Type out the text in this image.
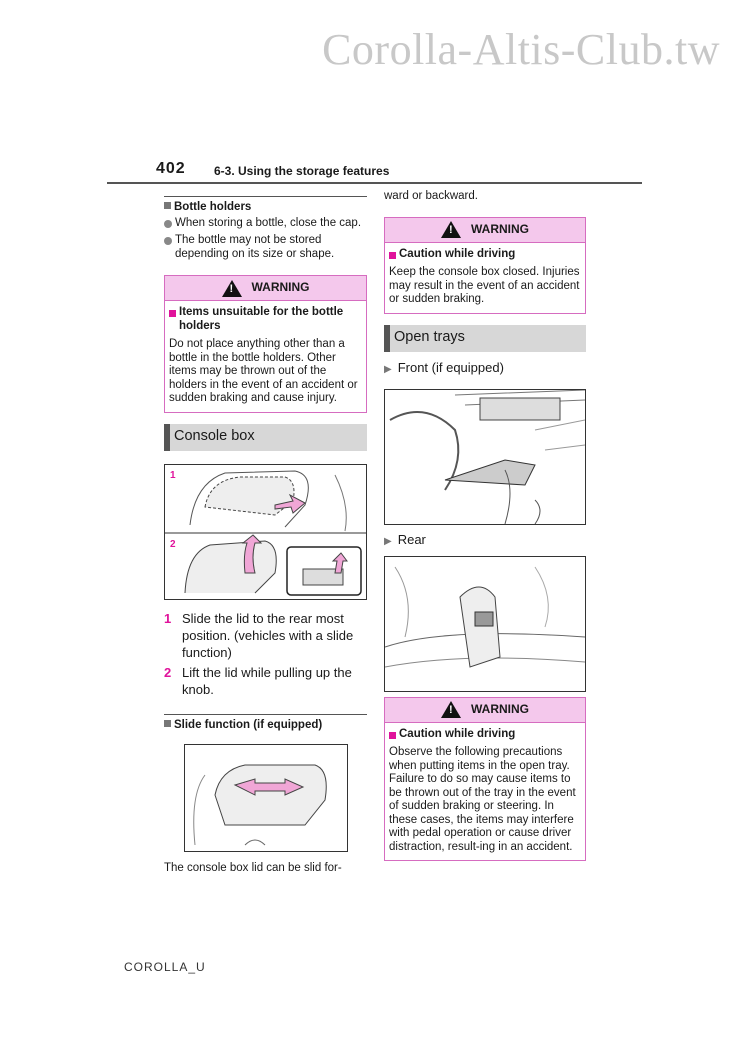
Corolla-Altis-Club.tw
402 6-3. Using the storage features
Bottle holders
When storing a bottle, close the cap.
The bottle may not be stored depending on its size or shape.
!
WARNING
Items unsuitable for the bottle holders
Do not place anything other than a bottle in the bottle holders. Other items may be thrown out of the holders in the event of an accident or sudden braking and cause injury.
Console box
1
2
1 Slide the lid to the rear most position. (vehicles with a slide function)
2 Lift the lid while pulling up the knob.
Slide function (if equipped)
The console box lid can be slid for-
ward or backward.
!
WARNING
Caution while driving
Keep the console box closed. Injuries may result in the event of an accident or sudden braking.
Open trays
▶ Front (if equipped)
▶ Rear
!
WARNING
Caution while driving
Observe the following precautions when putting items in the open tray. Failure to do so may cause items to be thrown out of the tray in the event of sudden braking or steering. In these cases, the items may interfere with pedal operation or cause driver distraction, result-ing in an accident.
COROLLA_U
